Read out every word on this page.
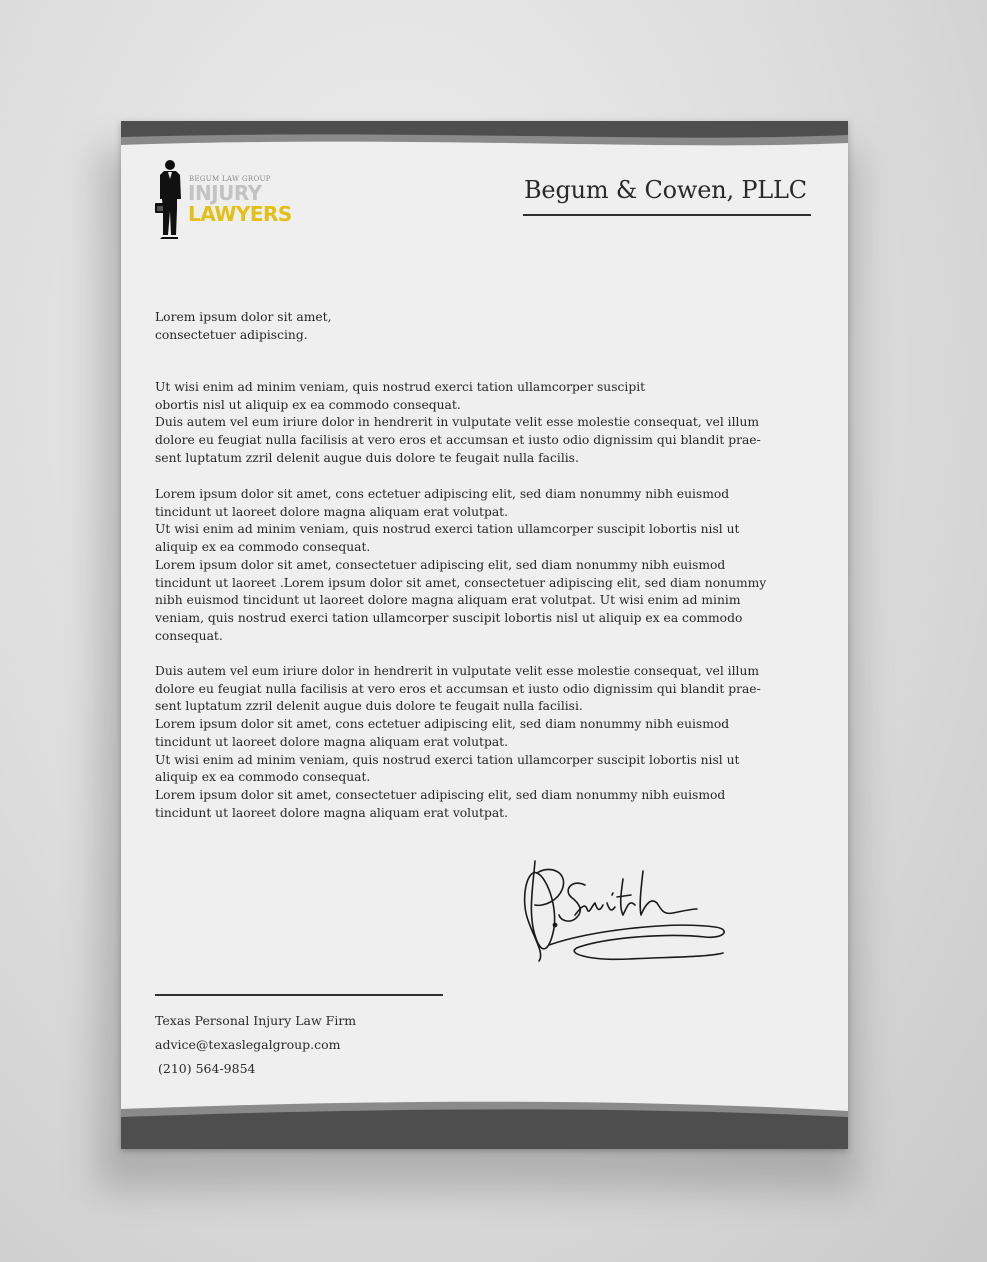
BEGUM LAW GROUP
INJURY
LAWYERS
Begum & Cowen, PLLC
Lorem ipsum dolor sit amet,
consectetuer adipiscing.
Ut wisi enim ad minim veniam, quis nostrud exerci tation ullamcorper suscipit
obortis nisl ut aliquip ex ea commodo consequat.
Duis autem vel eum iriure dolor in hendrerit in vulputate velit esse molestie consequat, vel illum
dolore eu feugiat nulla facilisis at vero eros et accumsan et iusto odio dignissim qui blandit prae-
sent luptatum zzril delenit augue duis dolore te feugait nulla facilis.
Lorem ipsum dolor sit amet, cons ectetuer adipiscing elit, sed diam nonummy nibh euismod
tincidunt ut laoreet dolore magna aliquam erat volutpat.
Ut wisi enim ad minim veniam, quis nostrud exerci tation ullamcorper suscipit lobortis nisl ut
aliquip ex ea commodo consequat.
Lorem ipsum dolor sit amet, consectetuer adipiscing elit, sed diam nonummy nibh euismod
tincidunt ut laoreet .Lorem ipsum dolor sit amet, consectetuer adipiscing elit, sed diam nonummy
nibh euismod tincidunt ut laoreet dolore magna aliquam erat volutpat. Ut wisi enim ad minim
veniam, quis nostrud exerci tation ullamcorper suscipit lobortis nisl ut aliquip ex ea commodo
consequat.
Duis autem vel eum iriure dolor in hendrerit in vulputate velit esse molestie consequat, vel illum
dolore eu feugiat nulla facilisis at vero eros et accumsan et iusto odio dignissim qui blandit prae-
sent luptatum zzril delenit augue duis dolore te feugait nulla facilisi.
Lorem ipsum dolor sit amet, cons ectetuer adipiscing elit, sed diam nonummy nibh euismod
tincidunt ut laoreet dolore magna aliquam erat volutpat.
Ut wisi enim ad minim veniam, quis nostrud exerci tation ullamcorper suscipit lobortis nisl ut
aliquip ex ea commodo consequat.
Lorem ipsum dolor sit amet, consectetuer adipiscing elit, sed diam nonummy nibh euismod
tincidunt ut laoreet dolore magna aliquam erat volutpat.
Texas Personal Injury Law Firm
advice@texaslegalgroup.com
(210) 564-9854
